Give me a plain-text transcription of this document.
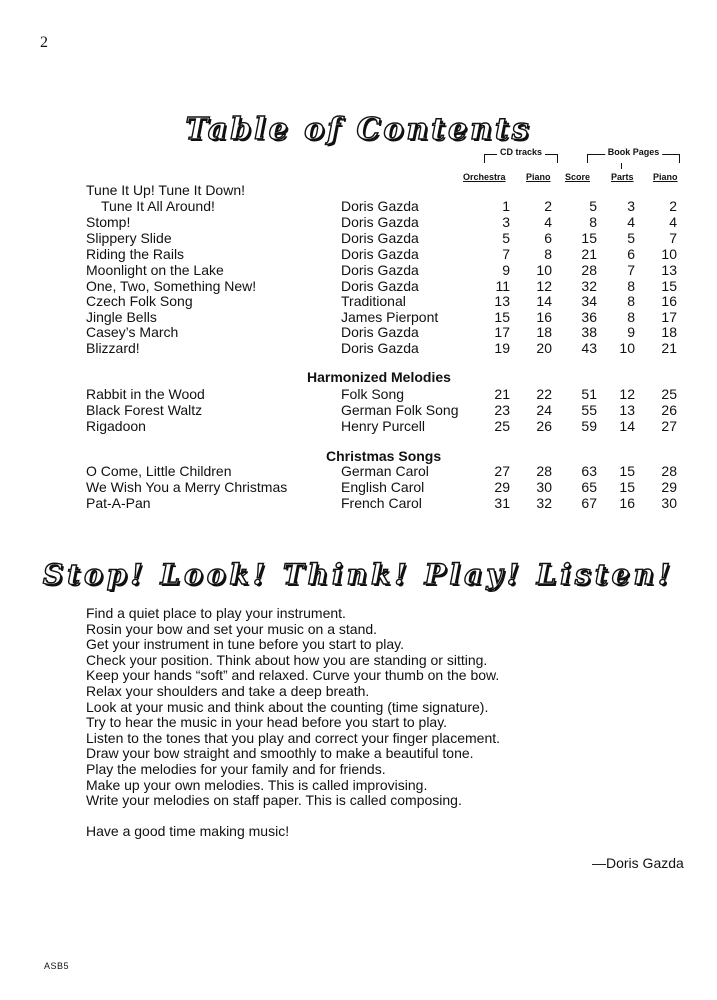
2
Table of Contents
CD tracks	Book Pages
Orchestra Piano Score Parts Piano
Tune It Up! Tune It Down!
Tune It All Around!	Doris Gazda	1	2	5	3	2
Stomp!	Doris Gazda	3	4	8	4	4
Slippery Slide	Doris Gazda	5	6	15	5	7
Riding the Rails	Doris Gazda	7	8	21	6	10
Moonlight on the Lake	Doris Gazda	9	10	28	7	13
One, Two, Something New!	Doris Gazda	11	12	32	8	15
Czech Folk Song	Traditional	13	14	34	8	16
Jingle Bells	James Pierpont	15	16	36	8	17
Casey’s March	Doris Gazda	17	18	38	9	18
Blizzard!	Doris Gazda	19	20	43	10	21
Harmonized Melodies
Rabbit in the Wood	Folk Song	21	22	51	12	25
Black Forest Waltz	German Folk Song	23	24	55	13	26
Rigadoon	Henry Purcell	25	26	59	14	27
Christmas Songs
O Come, Little Children	German Carol	27	28	63	15	28
We Wish You a Merry Christmas	English Carol	29	30	65	15	29
Pat-A-Pan	French Carol	31	32	67	16	30
Stop! Look! Think! Play! Listen!
Find a quiet place to play your instrument.
Rosin your bow and set your music on a stand.
Get your instrument in tune before you start to play.
Check your position. Think about how you are standing or sitting.
Keep your hands “soft” and relaxed. Curve your thumb on the bow.
Relax your shoulders and take a deep breath.
Look at your music and think about the counting (time signature).
Try to hear the music in your head before you start to play.
Listen to the tones that you play and correct your finger placement.
Draw your bow straight and smoothly to make a beautiful tone.
Play the melodies for your family and for friends.
Make up your own melodies. This is called improvising.
Write your melodies on staff paper. This is called composing.
Have a good time making music!
—Doris Gazda
ASB5
